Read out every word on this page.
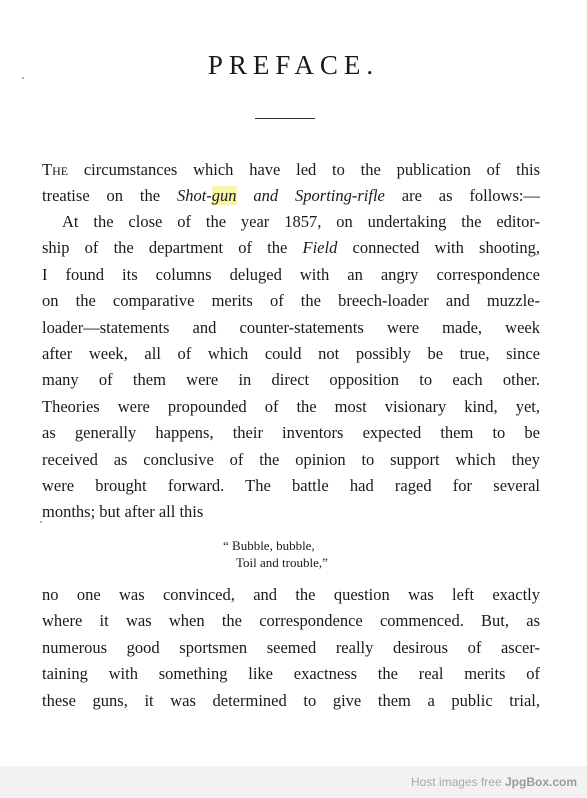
PREFACE.
The circumstances which have led to the publication of this
treatise on the Shot-gun and Sporting-rifle are as follows:—
At the close of the year 1857, on undertaking the editor-
ship of the department of the Field connected with shooting,
I found its columns deluged with an angry correspondence
on the comparative merits of the breech-loader and muzzle-
loader—statements and counter-statements were made, week
after week, all of which could not possibly be true, since
many of them were in direct opposition to each other.
Theories were propounded of the most visionary kind, yet,
as generally happens, their inventors expected them to be
received as conclusive of the opinion to support which they
were brought forward. The battle had raged for several
months; but after all this
“ Bubble, bubble,
Toil and trouble,”
no one was convinced, and the question was left exactly
where it was when the correspondence commenced. But, as
numerous good sportsmen seemed really desirous of ascer-
taining with something like exactness the real merits of
these guns, it was determined to give them a public trial,
Host images free JpgBox.com
